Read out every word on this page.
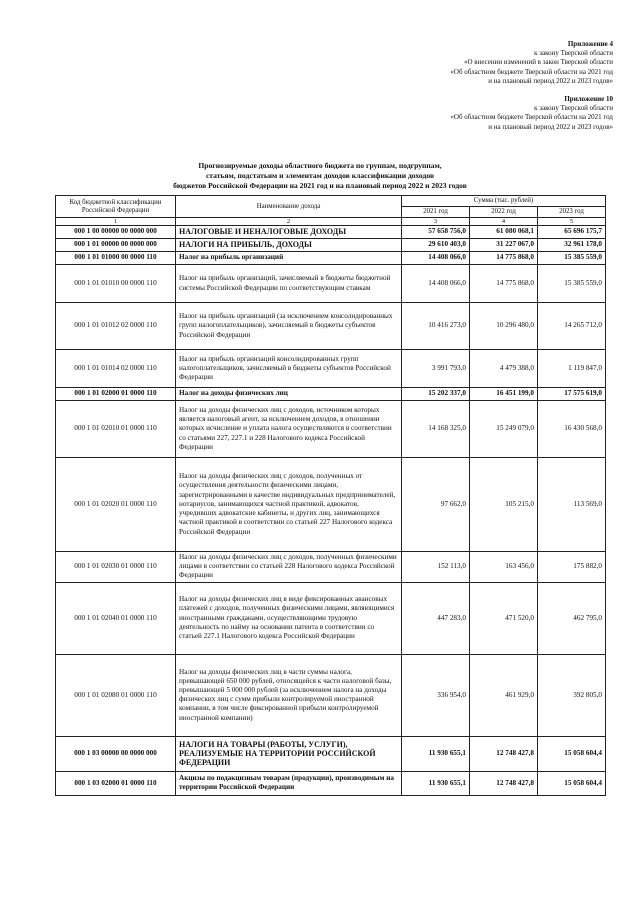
Приложение 4
к закону Тверской области
«О внесении изменений в закон Тверской области
«Об областном бюджете Тверской области на 2021 год
и на плановый период 2022 и 2023 годов»
Приложение 10
к закону Тверской области
«Об областном бюджете Тверской области на 2021 год
и на плановый период 2022 и 2023 годов»
Прогнозируемые доходы областного бюджета по группам, подгруппам,
статьям, подстатьям и элементам доходов классификации доходов
бюджетов Российской Федерации на 2021 год и на плановый период 2022 и 2023 годов
Код бюджетной классификации Российской Федерации	Наименование дохода	Сумма (тыс. рублей)		
		2021 год	2022 год	2023 год
1	2	3	4	5
000 1 00 00000 00 0000 000	НАЛОГОВЫЕ И НЕНАЛОГОВЫЕ ДОХОДЫ	57 658 756,0	61 080 068,1	65 696 175,7
000 1 01 00000 00 0000 000	НАЛОГИ НА ПРИБЫЛЬ, ДОХОДЫ	29 610 403,0	31 227 067,0	32 961 178,0
000 1 01 01000 00 0000 110	Налог на прибыль организаций	14 408 066,0	14 775 868,0	15 385 559,0
000 1 01 01010 00 0000 110	Налог на прибыль организаций, зачисляемый в бюджеты бюджетной системы Российской Федерации по соответствующим ставкам	14 408 066,0	14 775 868,0	15 385 559,0
000 1 01 01012 02 0000 110	Налог на прибыль организаций (за исключением консолидированных групп налогоплательщиков), зачисляемый в бюджеты субъектов Российской Федерации	10 416 273,0	10 296 480,0	14 265 712,0
000 1 01 01014 02 0000 110	Налог на прибыль организаций консолидированных групп налогоплательщиков, зачисляемый в бюджеты субъектов Российской Федерации	3 991 793,0	4 479 388,0	1 119 847,0
000 1 01 02000 01 0000 110	Налог на доходы физических лиц	15 202 337,0	16 451 199,0	17 575 619,0
000 1 01 02010 01 0000 110	Налог на доходы физических лиц с доходов, источником которых является налоговый агент, за исключением доходов, в отношении которых исчисление и уплата налога осуществляются в соответствии со статьями 227, 227.1 и 228 Налогового кодекса Российской Федерации	14 168 325,0	15 249 079,0	16 430 568,0
000 1 01 02020 01 0000 110	Налог на доходы физических лиц с доходов, полученных от осуществления деятельности физическими лицами, зарегистрированными в качестве индивидуальных предпринимателей, нотариусов, занимающихся частной практикой, адвокатов, учредивших адвокатские кабинеты, и других лиц, занимающихся частной практикой в соответствии со статьей 227 Налогового кодекса Российской Федерации	97 662,0	105 215,0	113 569,0
000 1 01 02030 01 0000 110	Налог на доходы физических лиц с доходов, полученных физическими лицами в соответствии со статьей 228 Налогового кодекса Российской Федерации	152 113,0	163 456,0	175 882,0
000 1 01 02040 01 0000 110	Налог на доходы физических лиц в виде фиксированных авансовых платежей с доходов, полученных физическими лицами, являющимися иностранными гражданами, осуществляющими трудовую деятельность по найму на основании патента в соответствии со статьей 227.1 Налогового кодекса Российской Федерации	447 283,0	471 520,0	462 795,0
000 1 01 02080 01 0000 110	Налог на доходы физических лиц в части суммы налога, превышающей 650 000 рублей, относящейся к части налоговой базы, превышающей 5 000 000 рублей (за исключением налога на доходы физических лиц с сумм прибыли контролируемой иностранной компании, в том числе фиксированной прибыли контролируемой иностранной компании)	336 954,0	461 929,0	392 805,0
000 1 03 00000 00 0000 000	НАЛОГИ НА ТОВАРЫ (РАБОТЫ, УСЛУГИ), РЕАЛИЗУЕМЫЕ НА ТЕРРИТОРИИ РОССИЙСКОЙ ФЕДЕРАЦИИ	11 930 655,1	12 748 427,8	15 058 604,4
000 1 03 02000 01 0000 110	Акцизы по подакцизным товарам (продукции), производимым на территории Российской Федерации	11 930 655,1	12 748 427,8	15 058 604,4
